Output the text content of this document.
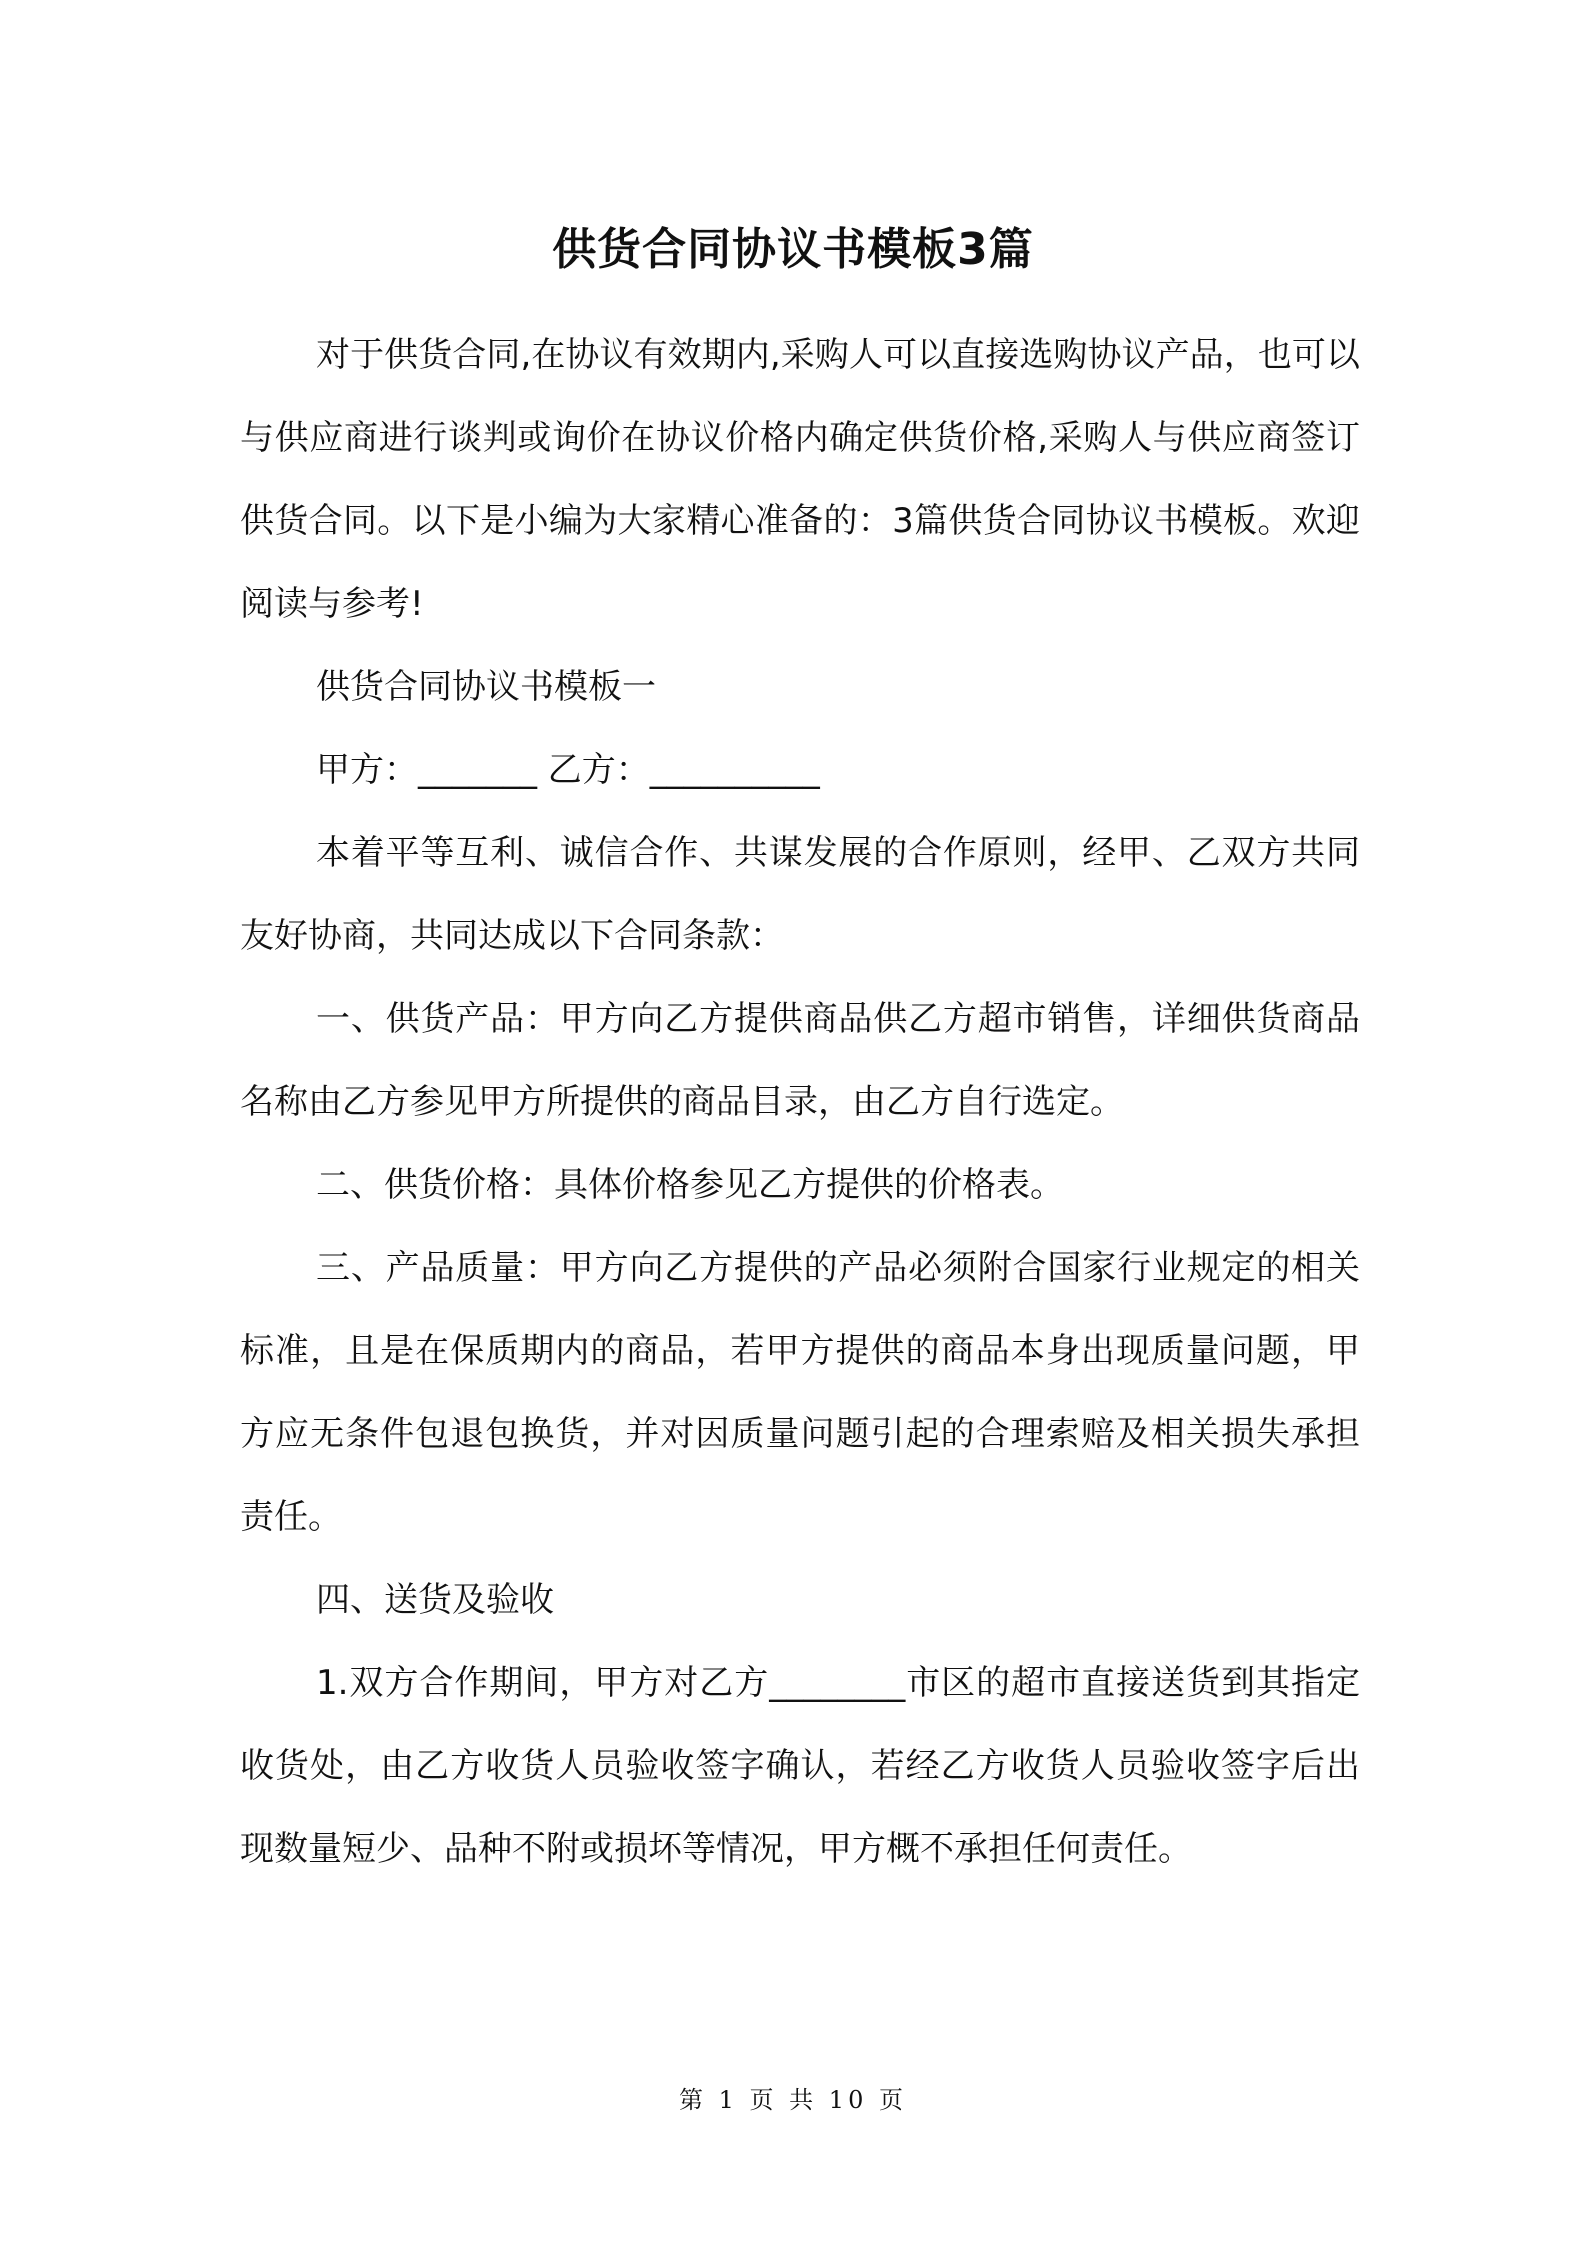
供货合同协议书模板3篇

对于供货合同,在协议有效期内,采购人可以直接选购协议产品，也可以与供应商进行谈判或询价在协议价格内确定供货价格,采购人与供应商签订供货合同。以下是小编为大家精心准备的：3篇供货合同协议书模板。欢迎阅读与参考!

供货合同协议书模板一

甲方：_______ 乙方：__________

本着平等互利、诚信合作、共谋发展的合作原则，经甲、乙双方共同友好协商，共同达成以下合同条款：

一、供货产品：甲方向乙方提供商品供乙方超市销售，详细供货商品名称由乙方参见甲方所提供的商品目录，由乙方自行选定。

二、供货价格：具体价格参见乙方提供的价格表。

三、产品质量：甲方向乙方提供的产品必须附合国家行业规定的相关标准，且是在保质期内的商品，若甲方提供的商品本身出现质量问题，甲方应无条件包退包换货，并对因质量问题引起的合理索赔及相关损失承担责任。

四、送货及验收

1.双方合作期间，甲方对乙方________市区的超市直接送货到其指定收货处，由乙方收货人员验收签字确认，若经乙方收货人员验收签字后出现数量短少、品种不附或损坏等情况，甲方概不承担任何责任。

第 1 页 共 10 页
